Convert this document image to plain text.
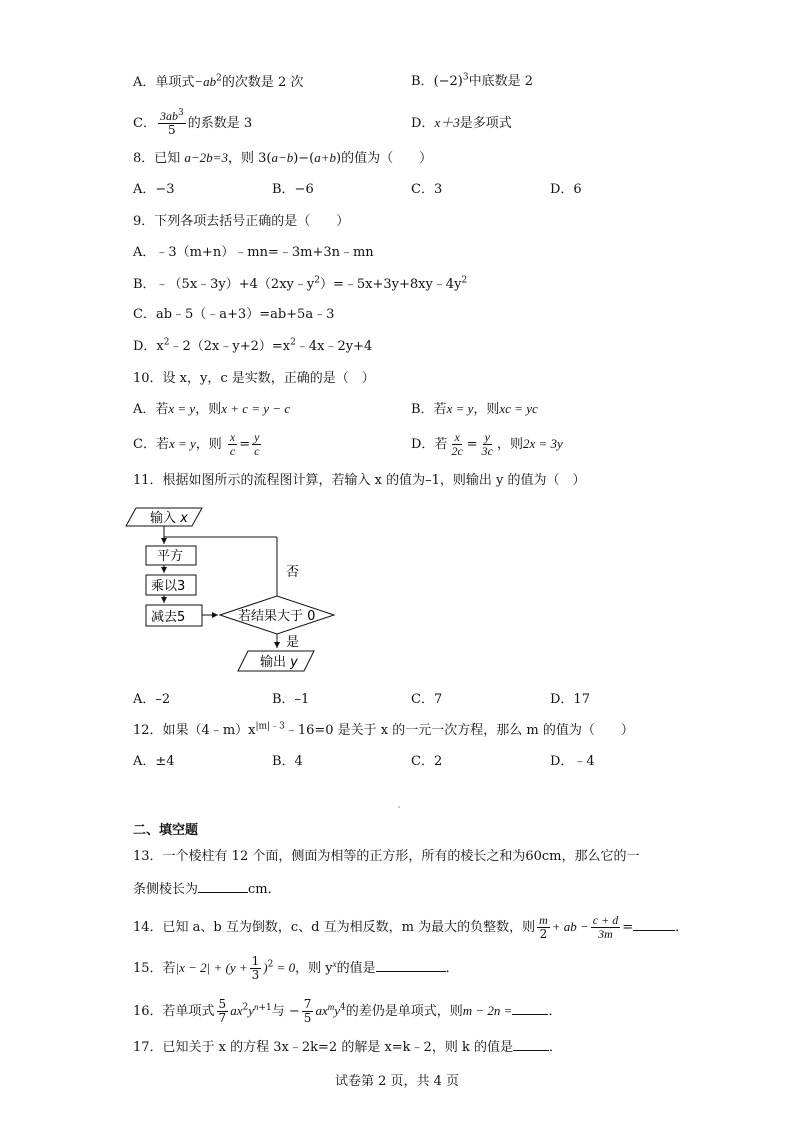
A．单项式$-ab^2$的次数是 2 次	B．$(-2)^3$中底数是 2
C． $\frac{3ab^3}{5}$ 的系数是 3	D．x＋3是多项式
8．已知 a−2b=3，则 3(a−b)−(a+b)的值为（　　）
A．−3	B．−6	C．3	D．6
9．下列各项去括号正确的是（　　）
A．﹣3（m+n）﹣mn=﹣3m+3n﹣mn
B．$﹣(5x﹣3y)+4(2xy﹣y^2)=﹣5x+3y+8xy﹣4y^2$
C．ab﹣5（﹣a+3）=ab+5a﹣3
D．$x^2﹣2(2x﹣y+2)=x^2﹣4x﹣2y+4$
10．设 x，y，c 是实数，正确的是（　）
A．若x = y，则x + c = y − c	B．若x = y，则xc = yc
C．若x = y，则 $\frac{x}{c} = \frac{y}{c}$	D．若 $\frac{x}{2c} = \frac{y}{3c}$ ，则2x = 3y
11．根据如图所示的流程图计算，若输入 x 的值为–1，则输出 y 的值为（　）
输入 x
平方
乘以3
减去5	若结果大于 0
否
是
输出 y
A．–2	B．–1	C．7	D．17
12．如果$(4﹣m)x^{|m|﹣3}﹣16=0$ 是关于 x 的一元一次方程，那么 m 的值为（　　）
A．±4	B．4	C．2	D．﹣4
二、填空题
13．一个棱柱有 12 个面，侧面为相等的正方形，所有的棱长之和为60cm，那么它的一
条侧棱长为	cm．
14．已知 a、b 互为倒数，c、d 互为相反数，m 为最大的负整数，则 $\frac{m}{2}$ + ab − $\frac{c + d}{3m}$ =	．
15．若$|x - 2| + (y + \frac{1}{3} )^2 = 0$，则 $y^x$的值是	．
16．若单项式 $\frac{5}{7} ax^2y^{n+1}$与 − $\frac{7}{5} ax^my^4$的差仍是单项式，则m − 2n =	．
17．已知关于 x 的方程 3x﹣2k=2 的解是 x=k﹣2，则 k 的值是	．
试卷第 2 页，共 4 页
